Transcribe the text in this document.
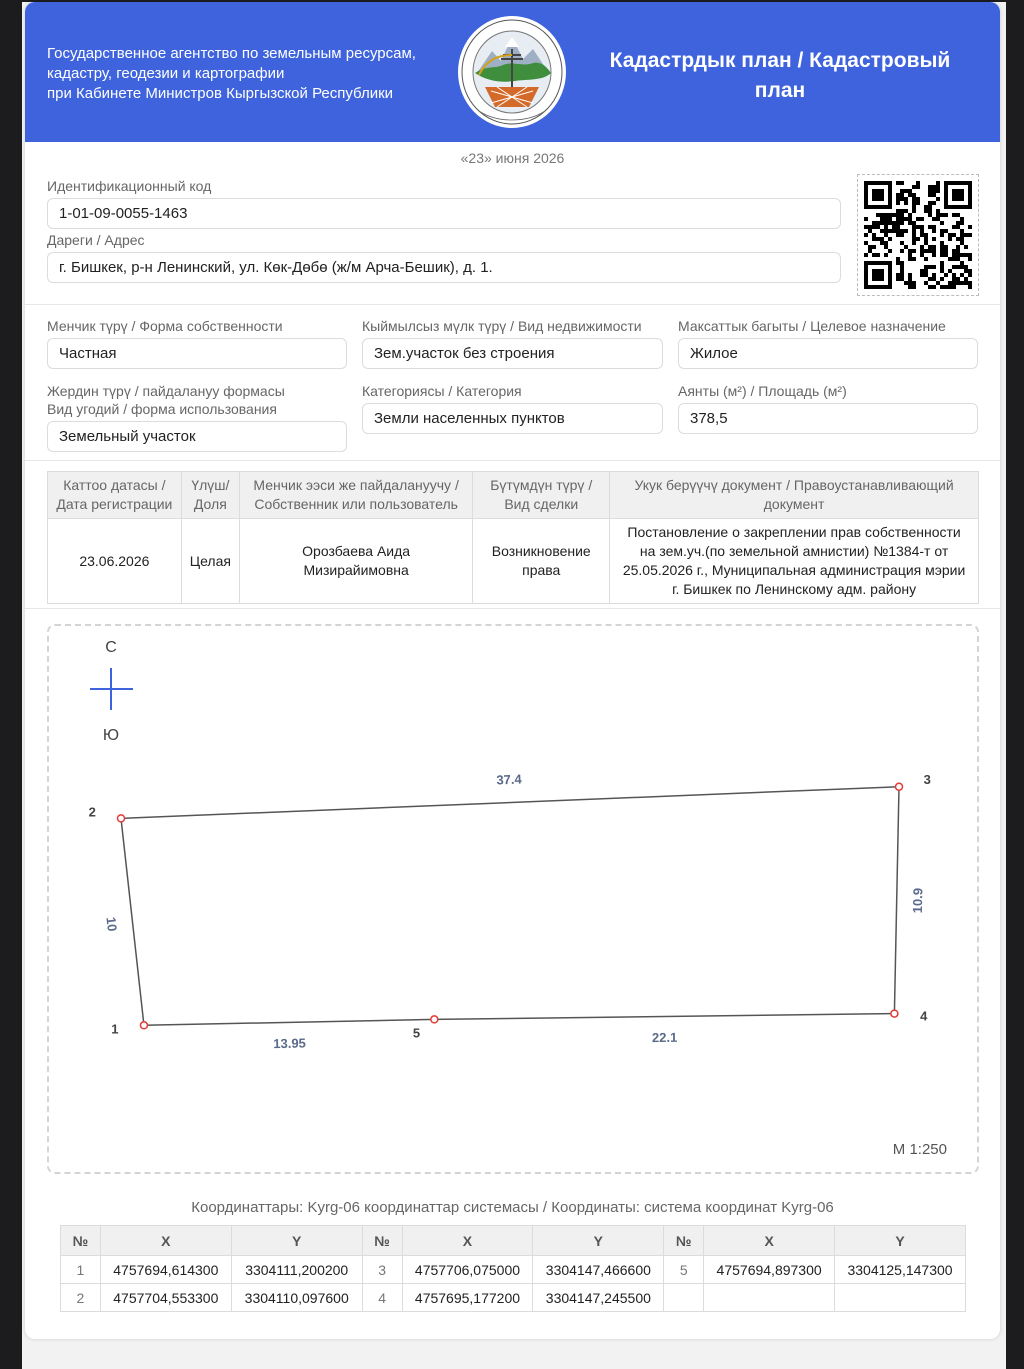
Государственное агентство по земельным ресурсам,
кадастру, геодезии и картографии
при Кабинете Министров Кыргызской Республики
Кадастрдык план / Кадастровый план
«23» июня 2026
Идентификационный код
1-01-09-0055-1463
Дареги / Адрес
г. Бишкек, р-н Ленинский, ул. Көк-Дөбө (ж/м Арча-Бешик), д. 1.
Менчик түрү / Форма собственности
Частная
Кыймылсыз мүлк түрү / Вид недвижимости
Зем.участок без строения
Максаттык багыты / Целевое назначение
Жилое
Жердин түрү / пайдалануу формасы
Вид угодий / форма использования
Земельный участок
Категориясы / Категория
Земли населенных пунктов
Аянты (м²) / Площадь (м²)
378,5
Каттоо датасы / Дата регистрации	Үлүш/ Доля	Менчик ээси же пайдалануучу / Собственник или пользователь	Бүтүмдүн түрү / Вид сделки	Укук берүүчү документ / Правоустанавливающий документ
23.06.2026	Целая	Орозбаева Аида Мизирайимовна	Возникновение права	Постановление о закреплении прав собственности на зем.уч.(по земельной амнистии) №1384-т от 25.05.2026 г., Муниципальная администрация мэрии г. Бишкек по Ленинскому адм. району
С
Ю
10
37.4
10.9
22.1
13.95
1
2
3
4
5
М 1:250
Координаттары: Kyrg-06 координаттар системасы / Координаты: система координат Kyrg-06
№	X	Y	№	X	Y	№	X	Y
1	4757694,614300	3304111,200200	3	4757706,075000	3304147,466600	5	4757694,897300	3304125,147300
2	4757704,553300	3304110,097600	4	4757695,177200	3304147,245500			
